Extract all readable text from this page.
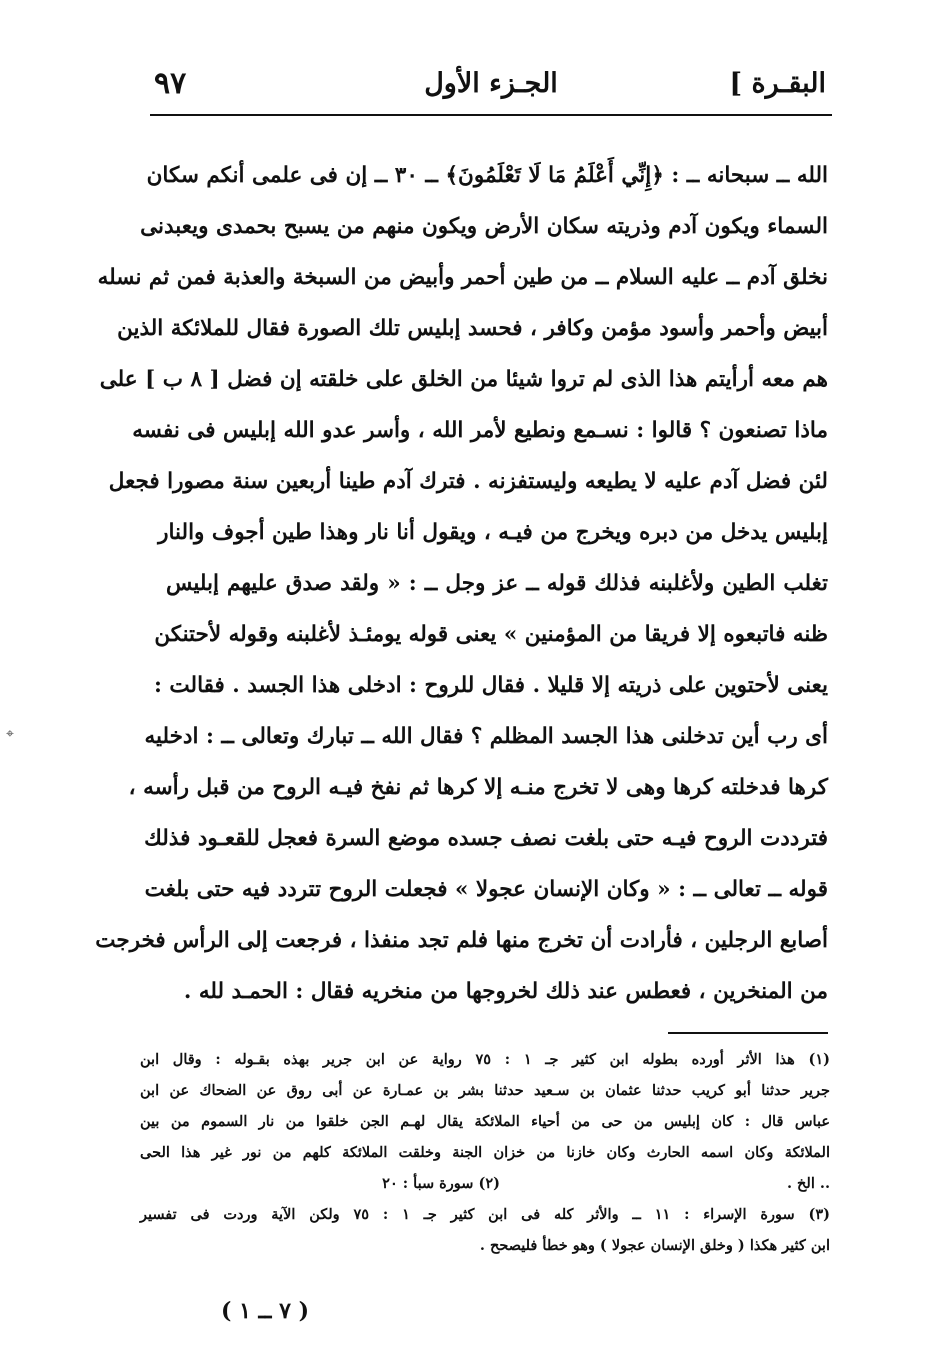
البقـرة ]
الجـزء الأول
٩٧
الله ــ سبحانه ــ : ﴿إِنِّي أَعْلَمُ مَا لَا تَعْلَمُونَ﴾ ــ ٣٠ ــ إن فى علمى أنكم سكان
السماء ويكون آدم وذريته سكان الأرض ويكون منهم من يسبح بحمدى ويعبدنى
نخلق آدم ــ عليه السلام ــ من طين أحمر وأبيض من السبخة والعذبة فمن ثم نسله
أبيض وأحمر وأسود مؤمن وكافر ، فحسد إبليس تلك الصورة فقال للملائكة الذين
هم معه أرأيتم هذا الذى لم تروا شيئا من الخلق على خلقته إن فضل [ ٨ ب ] على
ماذا تصنعون ؟ قالوا : نسـمع ونطيع لأمر الله ، وأسر عدو الله إبليس فى نفسه
لئن فضل آدم عليه لا يطيعه وليستفزنه . فترك آدم طينا أربعين سنة مصورا فجعل
إبليس يدخل من دبره ويخرج من فيـه ، ويقول أنا نار وهذا طين أجوف والنار
تغلب الطين ولأغلبنه فذلك قوله ــ عز وجل ــ : « ولقد صدق عليهم إبليس
ظنه فاتبعوه إلا فريقا من المؤمنين » يعنى قوله يومئـذ لأغلبنه وقوله لأحتنكن
يعنى لأحتوين على ذريته إلا قليلا . فقال للروح : ادخلى هذا الجسد . فقالت :
أى رب أين تدخلنى هذا الجسد المظلم ؟ فقال الله ــ تبارك وتعالى ــ : ادخليه
كرها فدخلته كرها وهى لا تخرج منـه إلا كرها ثم نفخ فيـه الروح من قبل رأسه ،
فترددت الروح فيـه حتى بلغت نصف جسده موضع السرة فعجل للقعـود فذلك
قوله ــ تعالى ــ : « وكان الإنسان عجولا » فجعلت الروح تتردد فيه حتى بلغت
أصابع الرجلين ، فأرادت أن تخرج منها فلم تجد منفذا ، فرجعت إلى الرأس فخرجت
من المنخرين ، فعطس عند ذلك لخروجها من منخريه فقال : الحمـد لله .
(١) هذا الأثر أورده بطوله ابن كثير جـ ١ : ٧٥ رواية عن ابن جرير بهذه بقـوله : وقال ابن
جرير حدثنا أبو كريب حدثنا عثمان بن سـعيد حدثنا بشر بن عمـارة عن أبى روق عن الضحاك عن ابن
عباس قال : كان إبليس من حى من أحياء الملائكة يقال لهـم الجن خلقوا من نار السموم من بين
الملائكة وكان اسمه الحارث وكان خازنا من خزان الجنة وخلقت الملائكة كلهم من نور غير هذا الحى
.. الخ .
(٢) سورة سبأ : ٢٠
(٣) سورة الإسراء : ١١ ــ والأثر كله فى ابن كثير جـ ١ : ٧٥ ولكن الآية وردت فى تفسير
ابن كثير هكذا ( وخلق الإنسان عجولا ) وهو خطأ فليصحح .
( ٧ ــ ١ )
⌖
